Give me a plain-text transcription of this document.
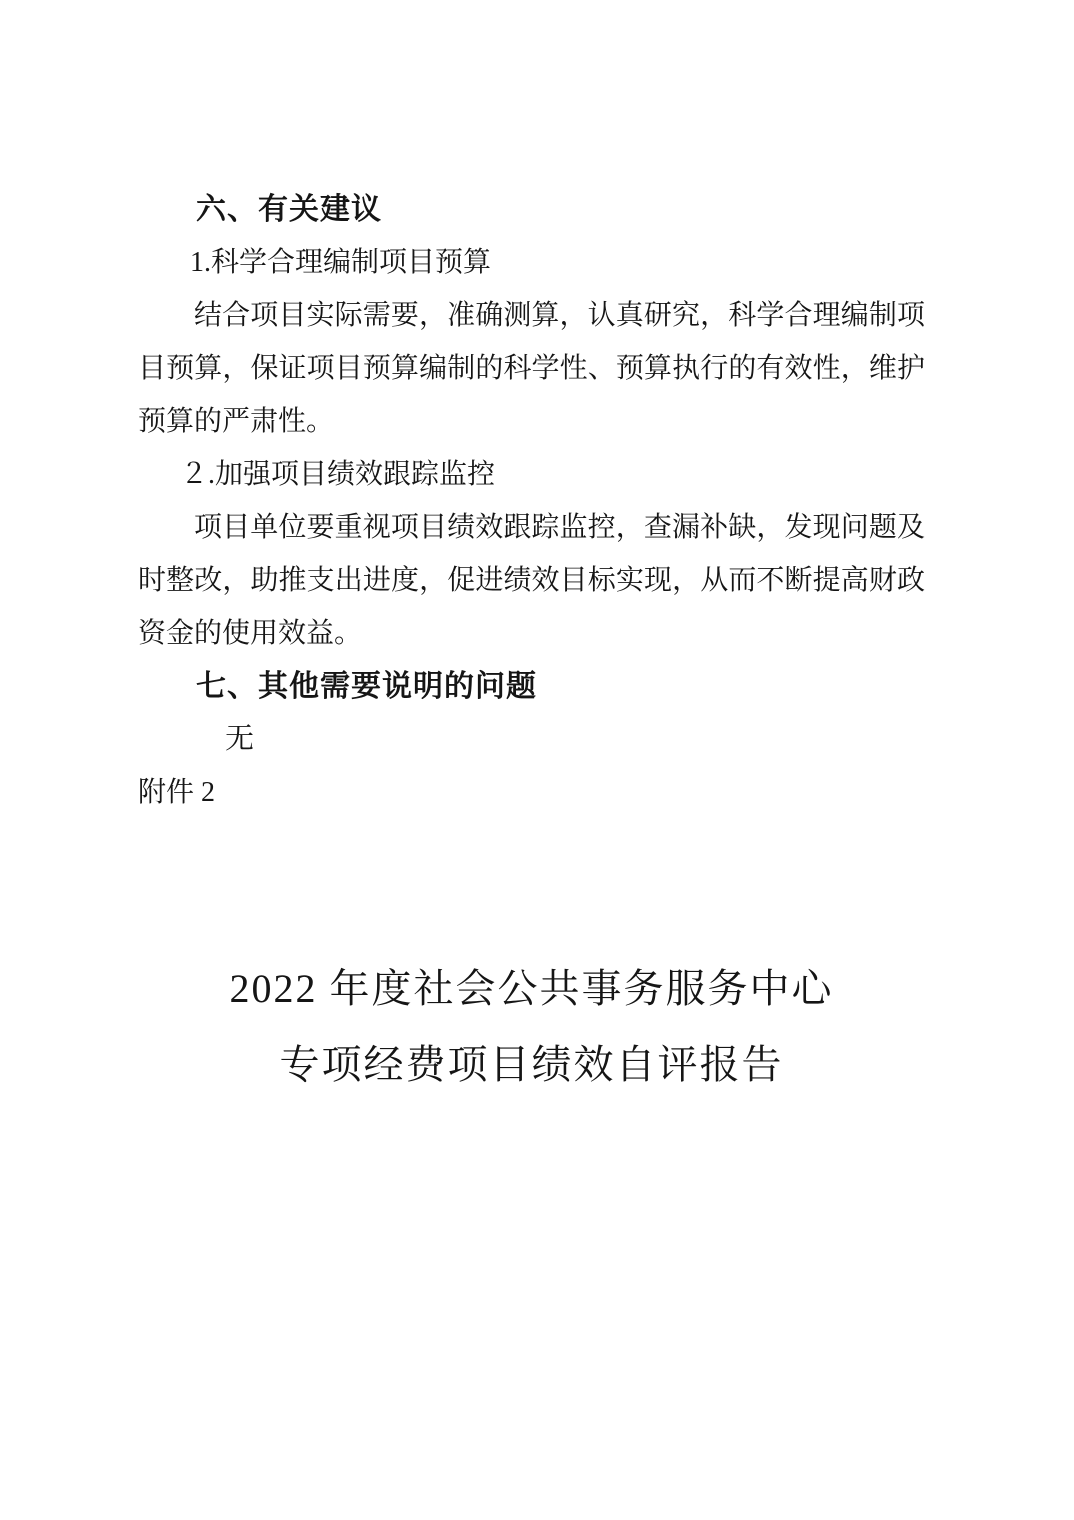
六、有关建议

1.科学合理编制项目预算

结合项目实际需要，准确测算，认真研究，科学合理编制项目预算，保证项目预算编制的科学性、预算执行的有效性，维护预算的严肃性。

２.加强项目绩效跟踪监控

项目单位要重视项目绩效跟踪监控，查漏补缺，发现问题及时整改，助推支出进度，促进绩效目标实现，从而不断提高财政资金的使用效益。

七、其他需要说明的问题

无

附件 2

2022 年度社会公共事务服务中心
专项经费项目绩效自评报告
